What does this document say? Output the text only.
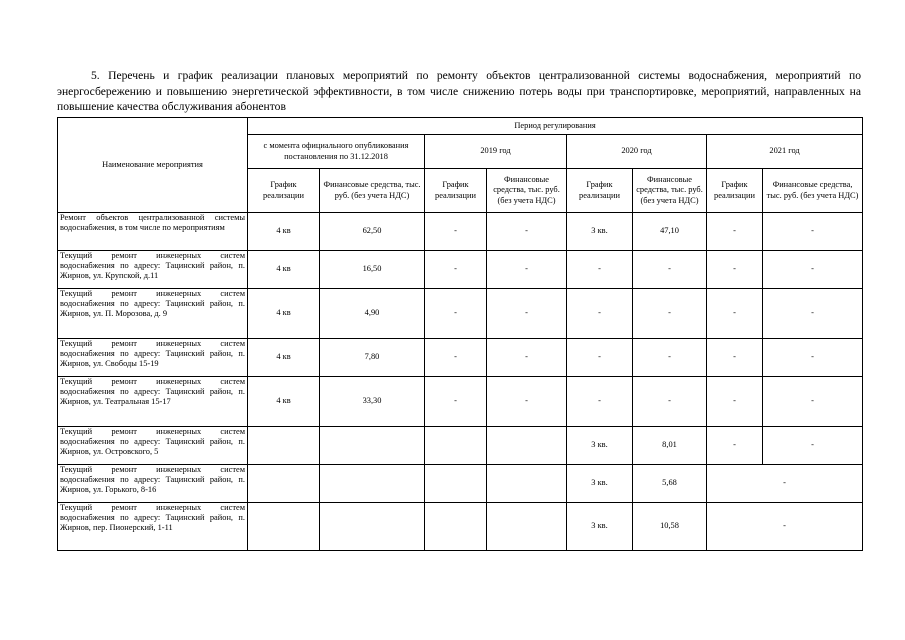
5. Перечень и график реализации плановых мероприятий по ремонту объектов централизованной системы водоснабжения, мероприятий по энергосбережению и повышению энергетической эффективности, в том числе снижению потерь воды при транспортировке, мероприятий, направленных на повышение качества обслуживания абонентов
Наименование мероприятия	Период регулирования							
	с момента официального опубликования постановления по 31.12.2018		2019 год		2020 год		2021 год	
	График реализации	Финансовые средства, тыс. руб. (без учета НДС)	График реализации	Финансовые средства, тыс. руб. (без учета НДС)	График реализации	Финансовые средства, тыс. руб. (без учета НДС)	График реализации	Финансовые средства, тыс. руб. (без учета НДС)
Ремонт объектов централизованной системы водоснабжения, в том числе по мероприятиям	4 кв	62,50	-	-	3 кв.	47,10	-	-
Текущий ремонт инженерных систем водоснабжения по адресу: Тацинский район, п. Жирнов, ул. Крупской, д.11	4 кв	16,50	-	-	-	-	-	-
Текущий ремонт инженерных систем водоснабжения по адресу: Тацинский район, п. Жирнов, ул. П. Морозова, д. 9	4 кв	4,90	-	-	-	-	-	-
Текущий ремонт инженерных систем водоснабжения по адресу: Тацинский район, п. Жирнов, ул. Свободы 15-19	4 кв	7,80	-	-	-	-	-	-
Текущий ремонт инженерных систем водоснабжения по адресу: Тацинский район, п. Жирнов, ул. Театральная 15-17	4 кв	33,30	-	-	-	-	-	-
Текущий ремонт инженерных систем водоснабжения по адресу: Тацинский район, п. Жирнов, ул. Островского, 5					3 кв.	8,01	-	-
Текущий ремонт инженерных систем водоснабжения по адресу: Тацинский район, п. Жирнов, ул. Горького, 8-16					3 кв.	5,68	-	
Текущий ремонт инженерных систем водоснабжения по адресу: Тацинский район, п. Жирнов, пер. Пионерский, 1-11					3 кв.	10,58	-	
